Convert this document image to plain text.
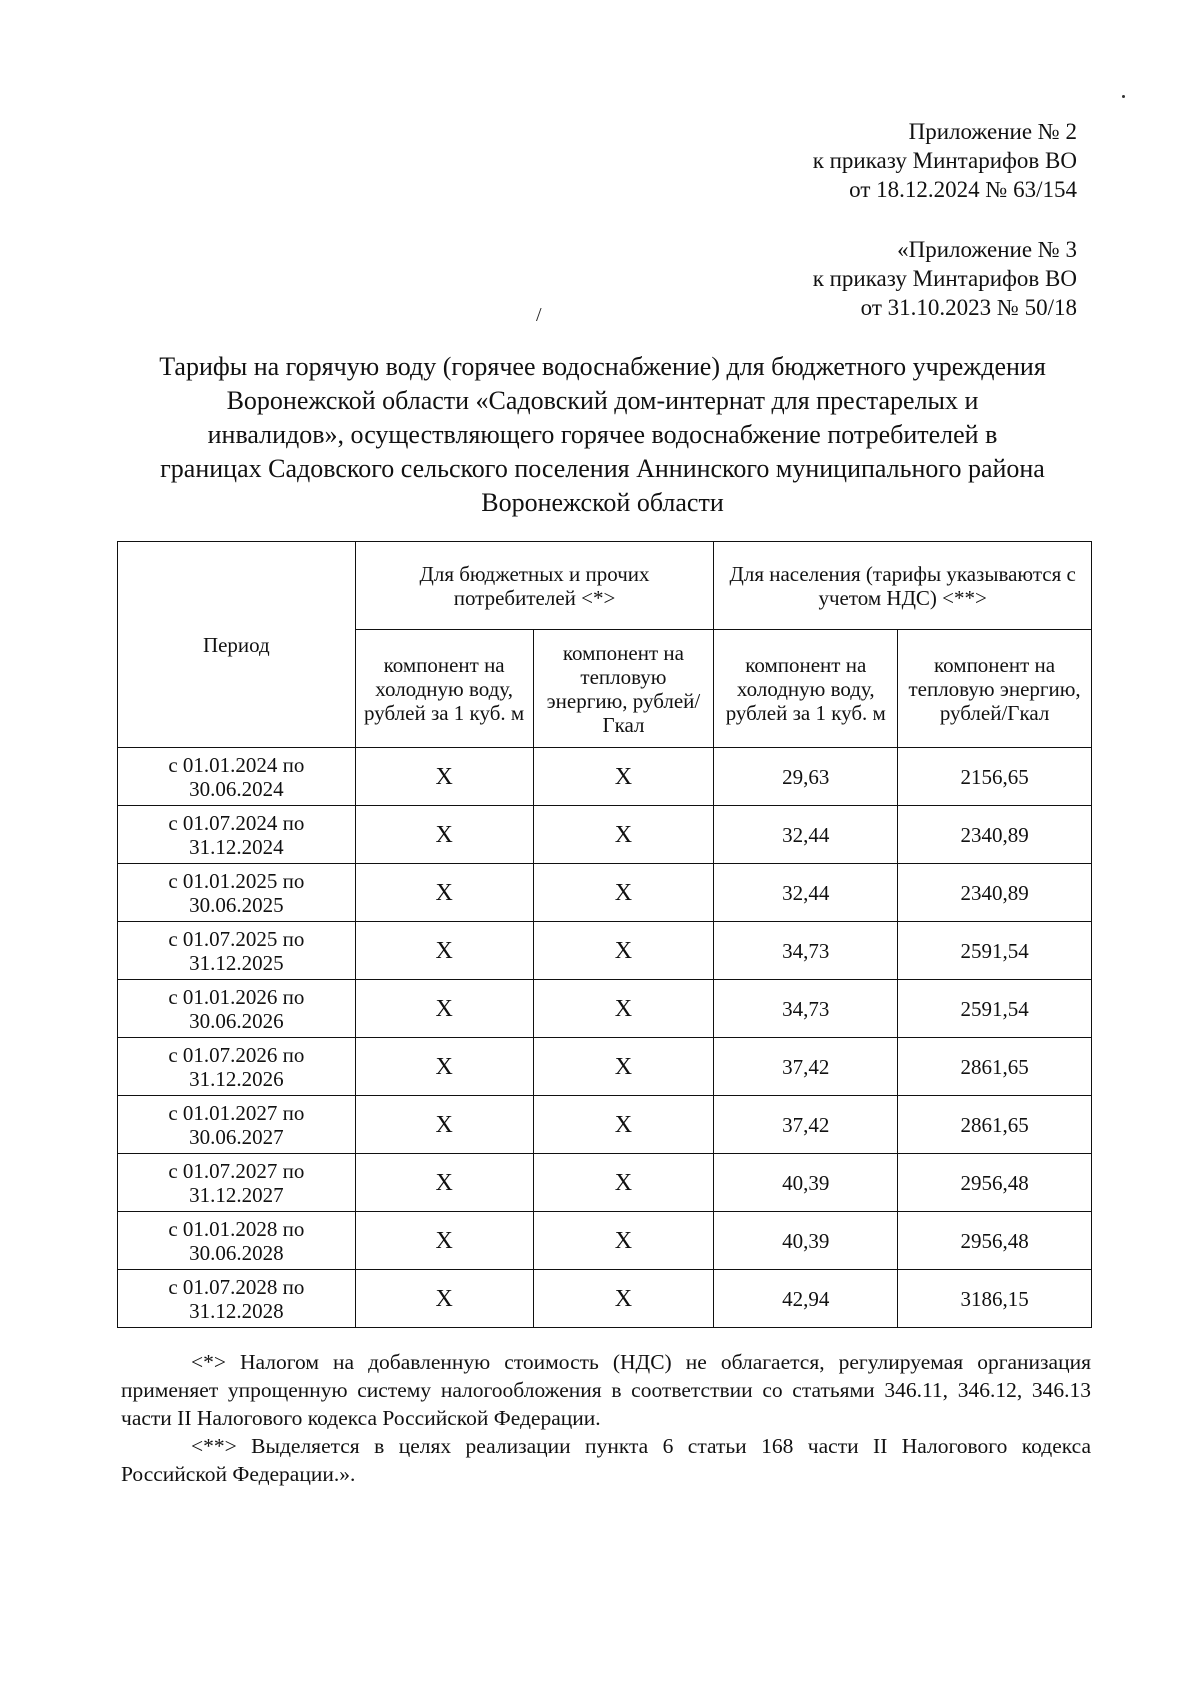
Приложение № 2
к приказу Минтарифов ВО
от 18.12.2024 № 63/154
«Приложение № 3
к приказу Минтарифов ВО
от 31.10.2023 № 50/18
/
Тарифы на горячую воду (горячее водоснабжение) для бюджетного учреждения
Воронежской области «Садовский дом-интернат для престарелых и
инвалидов», осуществляющего горячее водоснабжение потребителей в
границах Садовского сельского поселения Аннинского муниципального района
Воронежской области
Период	Для бюджетных и прочих потребителей <*>		Для населения (тарифы указываются с учетом НДС) <**>	
	компонент на холодную воду, рублей за 1 куб. м	компонент на тепловую энергию, рублей/Гкал	компонент на холодную воду, рублей за 1 куб. м	компонент на тепловую энергию, рублей/Гкал
с 01.01.2024 по 30.06.2024	Х	Х	29,63	2156,65
с 01.07.2024 по 31.12.2024	Х	Х	32,44	2340,89
с 01.01.2025 по 30.06.2025	Х	Х	32,44	2340,89
с 01.07.2025 по 31.12.2025	Х	Х	34,73	2591,54
с 01.01.2026 по 30.06.2026	Х	Х	34,73	2591,54
с 01.07.2026 по 31.12.2026	Х	Х	37,42	2861,65
с 01.01.2027 по 30.06.2027	Х	Х	37,42	2861,65
с 01.07.2027 по 31.12.2027	Х	Х	40,39	2956,48
с 01.01.2028 по 30.06.2028	Х	Х	40,39	2956,48
с 01.07.2028 по 31.12.2028	Х	Х	42,94	3186,15

<*> Налогом на добавленную стоимость (НДС) не облагается, регулируемая организация применяет упрощенную систему налогообложения в соответствии со статьями 346.11, 346.12, 346.13 части II Налогового кодекса Российской Федерации.

<**> Выделяется в целях реализации пункта 6 статьи 168 части II Налогового кодекса Российской Федерации.».
